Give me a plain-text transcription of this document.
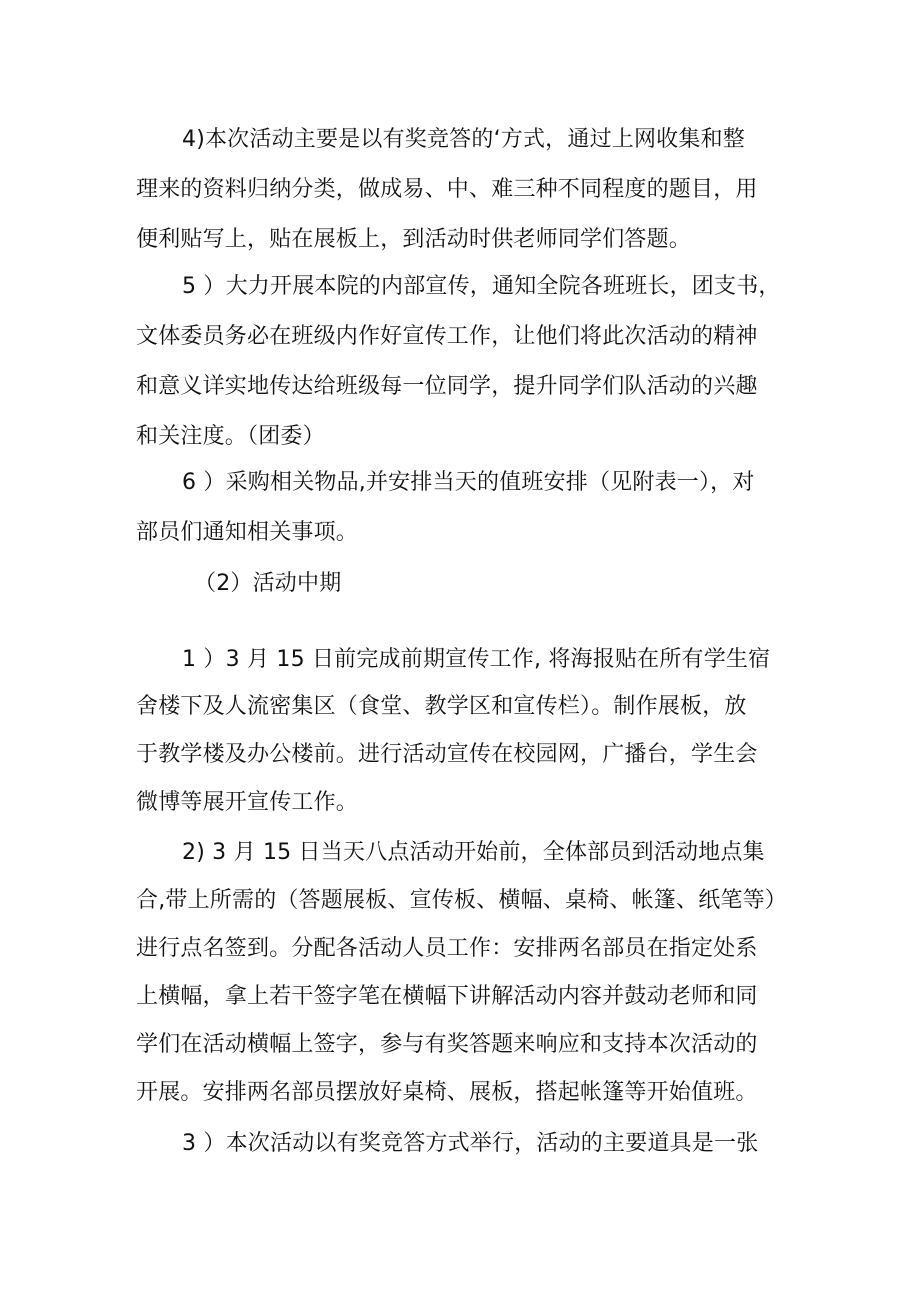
4)本次活动主要是以有奖竞答的‘方式，通过上网收集和整
理来的资料归纳分类，做成易、中、难三种不同程度的题目，用
便利贴写上，贴在展板上，到活动时供老师同学们答题。
5 ）大力开展本院的内部宣传，通知全院各班班长，团支书，
文体委员务必在班级内作好宣传工作，让他们将此次活动的精神
和意义详实地传达给班级每一位同学，提升同学们队活动的兴趣
和关注度。（团委）
6 ）采购相关物品,并安排当天的值班安排（见附表一），对
部员们通知相关事项。
（2）活动中期
1 ）3 月 15 日前完成前期宣传工作, 将海报贴在所有学生宿
舍楼下及人流密集区（食堂、教学区和宣传栏）。制作展板，放
于教学楼及办公楼前。进行活动宣传在校园网，广播台，学生会
微博等展开宣传工作。
2) 3 月 15 日当天八点活动开始前，全体部员到活动地点集
合,带上所需的（答题展板、宣传板、横幅、桌椅、帐篷、纸笔等）
进行点名签到。分配各活动人员工作：安排两名部员在指定处系
上横幅，拿上若干签字笔在横幅下讲解活动内容并鼓动老师和同
学们在活动横幅上签字，参与有奖答题来响应和支持本次活动的
开展。安排两名部员摆放好桌椅、展板，搭起帐篷等开始值班。
3 ）本次活动以有奖竞答方式举行，活动的主要道具是一张
